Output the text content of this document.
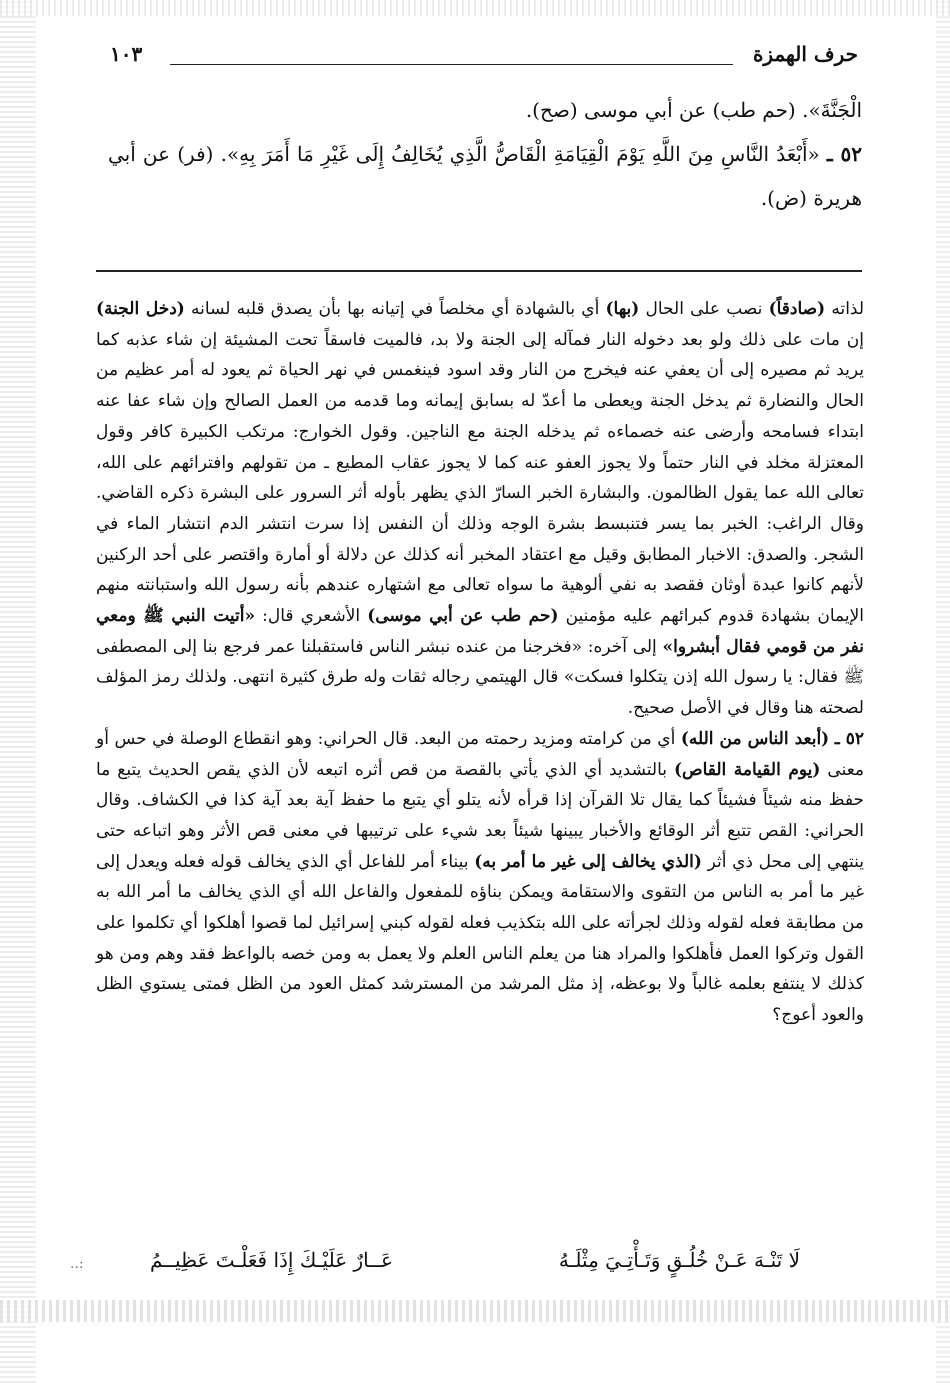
حرف الهمزة
١٠٣

الْجَنَّةَ». (حم طب) عن أبي موسى (صح).

٥٢ ـ «أَبْعَدُ النَّاسِ مِنَ اللَّهِ يَوْمَ الْقِيَامَةِ الْقَاصُّ الَّذِي يُخَالِفُ إِلَى غَيْرِ مَا أَمَرَ بِهِ». (فر) عن أبي هريرة (ض).

لذاته (صادقاً) نصب على الحال (بها) أي بالشهادة أي مخلصاً في إتيانه بها بأن يصدق قلبه لسانه (دخل الجنة) إن مات على ذلك ولو بعد دخوله النار فمآله إلى الجنة ولا بد، فالميت فاسقاً تحت المشيئة إن شاء عذبه كما يريد ثم مصيره إلى أن يعفي عنه فيخرج من النار وقد اسود فينغمس في نهر الحياة ثم يعود له أمر عظيم من الحال والنضارة ثم يدخل الجنة ويعطى ما أعدّ له بسابق إيمانه وما قدمه من العمل الصالح وإن شاء عفا عنه ابتداء فسامحه وأرضى عنه خصماءه ثم يدخله الجنة مع الناجين. وقول الخوارج: مرتكب الكبيرة كافر وقول المعتزلة مخلد في النار حتماً ولا يجوز العفو عنه كما لا يجوز عقاب المطيع ـ من تقولهم وافترائهم على الله، تعالى الله عما يقول الظالمون. والبشارة الخبر السارّ الذي يظهر بأوله أثر السرور على البشرة ذكره القاضي. وقال الراغب: الخبر بما يسر فتنبسط بشرة الوجه وذلك أن النفس إذا سرت انتشر الدم انتشار الماء في الشجر. والصدق: الاخبار المطابق وقيل مع اعتقاد المخبر أنه كذلك عن دلالة أو أمارة واقتصر على أحد الركنين لأنهم كانوا عبدة أوثان فقصد به نفي ألوهية ما سواه تعالى مع اشتهاره عندهم بأنه رسول الله واستبانته منهم الإيمان بشهادة قدوم كبرائهم عليه مؤمنين (حم طب عن أبي موسى) الأشعري قال: «أتيت النبي ﷺ ومعي نفر من قومي فقال أبشروا» إلى آخره: «فخرجنا من عنده نبشر الناس فاستقبلنا عمر فرجع بنا إلى المصطفى ﷺ فقال: يا رسول الله إذن يتكلوا فسكت» قال الهيتمي رجاله ثقات وله طرق كثيرة انتهى. ولذلك رمز المؤلف لصحته هنا وقال في الأصل صحيح.

٥٢ ـ (أبعد الناس من الله) أي من كرامته ومزيد رحمته من البعد. قال الحراني: وهو انقطاع الوصلة في حس أو معنى (يوم القيامة القاص) بالتشديد أي الذي يأتي بالقصة من قص أثره اتبعه لأن الذي يقص الحديث يتبع ما حفظ منه شيئاً فشيئاً كما يقال تلا القرآن إذا قرأه لأنه يتلو أي يتبع ما حفظ آية بعد آية كذا في الكشاف. وقال الحراني: القص تتبع أثر الوقائع والأخبار يبينها شيئاً بعد شيء على ترتيبها في معنى قص الأثر وهو اتباعه حتى ينتهي إلى محل ذي أثر (الذي يخالف إلى غير ما أمر به) بيناء أمر للفاعل أي الذي يخالف قوله فعله ويعدل إلى غير ما أمر به الناس من التقوى والاستقامة ويمكن بناؤه للمفعول والفاعل الله أي الذي يخالف ما أمر الله به من مطابقة فعله لقوله وذلك لجرأته على الله بتكذيب فعله لقوله كبني إسرائيل لما قصوا أهلكوا أي تكلموا على القول وتركوا العمل فأهلكوا والمراد هنا من يعلم الناس العلم ولا يعمل به ومن خصه بالواعظ فقد وهم ومن هو كذلك لا ينتفع بعلمه غالباً ولا بوعظه، إذ مثل المرشد من المسترشد كمثل العود من الظل فمتى يستوي الظل والعود أعوج؟

لَا تَنْـهَ عَـنْ خُلُـقٍ وَتَـأْتِـيَ مِثْلَـهُ
عَــارٌ عَلَيْـكَ إِذَا فَعَلْـتَ عَظِيــمُ
..:
